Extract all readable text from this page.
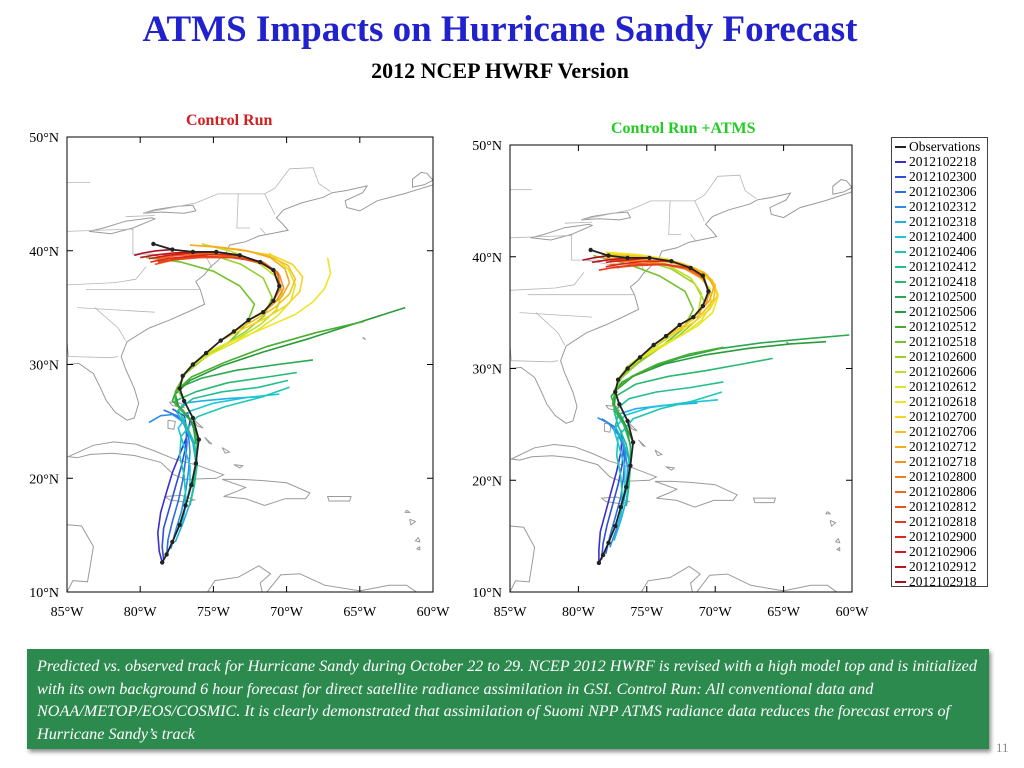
ATMS Impacts on Hurricane Sandy Forecast
2012 NCEP HWRF Version
Control Run	Control Run +ATMS
85°W	80°W	75°W	70°W	65°W	60°W
10°N
20°N
30°N
40°N
50°N
85°W	80°W	75°W	70°W	65°W	60°W
10°N
20°N
30°N
40°N
50°N	Observations
2012102218
2012102300
2012102306
2012102312
2012102318
2012102400
2012102406
2012102412
2012102418
2012102500
2012102506
2012102512
2012102518
2012102600
2012102606
2012102612
2012102618
2012102700
2012102706
2012102712
2012102718
2012102800
2012102806
2012102812
2012102818
2012102900
2012102906
2012102912
2012102918
Predicted vs. observed track for Hurricane Sandy during October 22 to 29. NCEP 2012 HWRF is revised with a high model top and is initialized with its own background 6 hour forecast for direct satellite radiance assimilation in GSI. Control Run: All conventional data and NOAA/METOP/EOS/COSMIC. It is clearly demonstrated that assimilation of Suomi NPP ATMS radiance data reduces the forecast errors of Hurricane Sandy’s track
11
